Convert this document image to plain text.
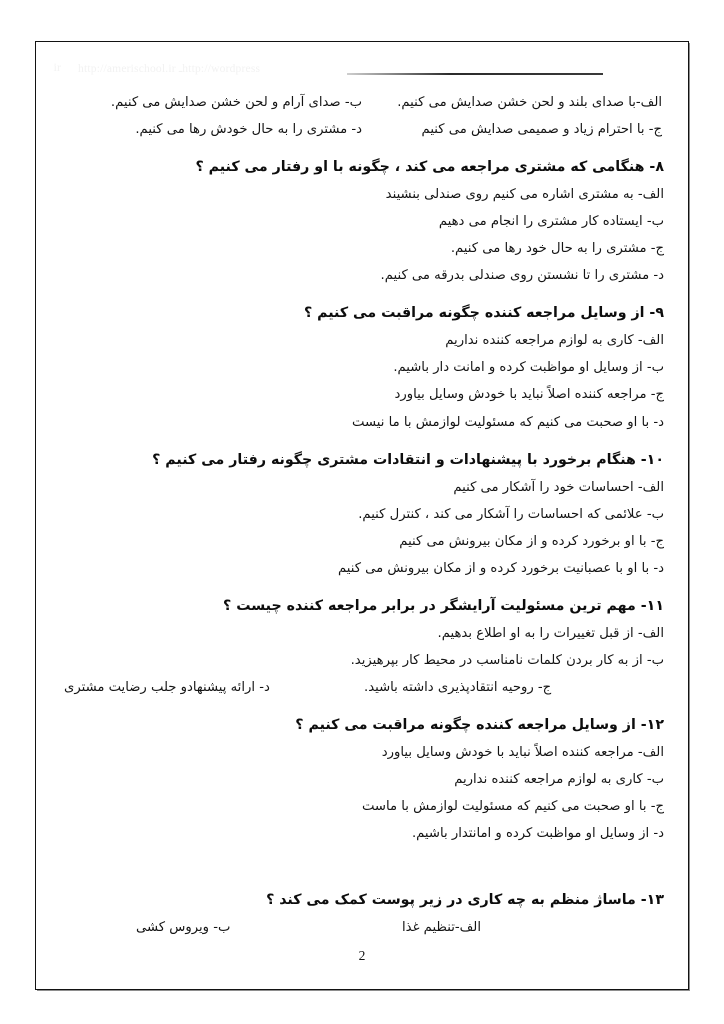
ir http://amerischool.ir ـhttp://wordpress
الف-با صدای بلند و لحن خشن صدایش می کنیم.
ب- صدای آرام و لحن خشن صدایش می کنیم.
ج- با احترام زیاد و صمیمی صدایش می کنیم
د- مشتری را به حال خودش رها می کنیم.
۸- هنگامی که مشتری مراجعه می کند ، چگونه با او رفتار می کنیم ؟
الف- به مشتری اشاره می کنیم روی صندلی بنشیند
ب- ایستاده کار مشتری را انجام می دهیم
ج- مشتری را به حال خود رها می کنیم.
د- مشتری را تا نشستن روی صندلی بدرقه می کنیم.
۹- از وسایل مراجعه کننده چگونه مراقبت می کنیم ؟
الف- کاری به لوازم مراجعه کننده نداریم
ب- از وسایل او مواظبت کرده و امانت دار باشیم.
ج- مراجعه کننده اصلاً نباید با خودش وسایل بیاورد
د- با او صحبت می کنیم که مسئولیت لوازمش با ما نیست
۱۰- هنگام برخورد با پیشنهادات و انتقادات مشتری چگونه رفتار می کنیم ؟
الف- احساسات خود را آشکار می کنیم
ب- علائمی که احساسات را آشکار می کند ، کنترل کنیم.
ج- با او برخورد کرده و از مکان بیرونش می کنیم
د- با او با عصبانیت برخورد کرده و از مکان بیرونش می کنیم
۱۱- مهم ترین مسئولیت آرایشگر در برابر مراجعه کننده چیست ؟
الف- از قبل تغییرات را به او اطلاع بدهیم.
ب- از به کار بردن کلمات نامناسب در محیط کار بپرهیزید.
ج- روحیه انتقادپذیری داشته باشید.
د- ارائه پیشنهادو جلب رضایت مشتری
۱۲- از وسایل مراجعه کننده چگونه مراقبت می کنیم ؟
الف- مراجعه کننده اصلاً نباید با خودش وسایل بیاورد
ب- کاری به لوازم مراجعه کننده نداریم
ج- با او صحبت می کنیم که مسئولیت لوازمش با ماست
د- از وسایل او مواظبت کرده و امانتدار باشیم.
۱۳- ماساژ منظم به چه کاری در زیر پوست کمک می کند ؟
الف-تنظیم غذا
ب- ویروس کشی
2
